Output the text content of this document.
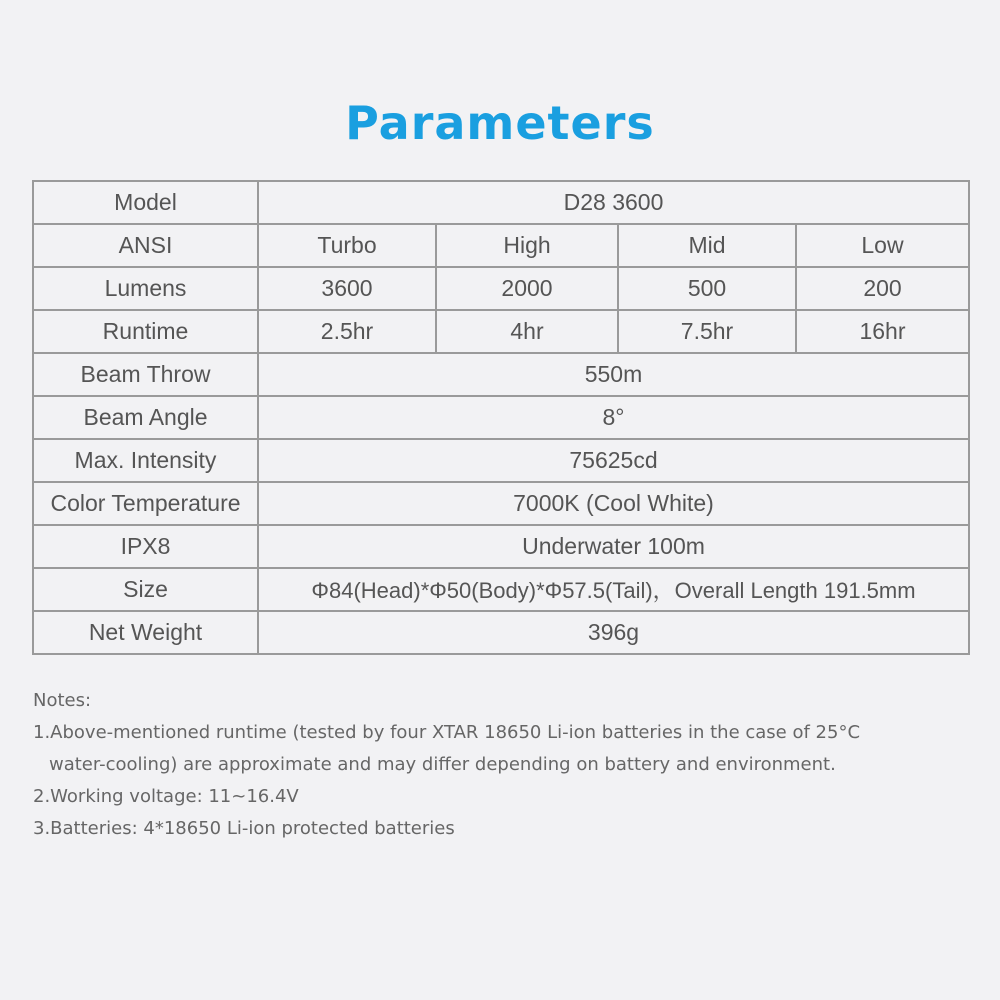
Parameters
Model	D28 3600			
ANSI	Turbo	High	Mid	Low
Lumens	3600	2000	500	200
Runtime	2.5hr	4hr	7.5hr	16hr
Beam Throw	550m			
Beam Angle	8°			
Max. Intensity	75625cd			
Color Temperature	7000K (Cool White)			
IPX8	Underwater 100m			
Size	Φ84(Head)*Φ50(Body)*Φ57.5(Tail)，Overall Length 191.5mm			
Net Weight	396g			
Notes:
1.Above-mentioned runtime (tested by four XTAR 18650 Li-ion batteries in the case of 25°C
water-cooling) are approximate and may differ depending on battery and environment.
2.Working voltage: 11~16.4V
3.Batteries: 4*18650 Li-ion protected batteries
